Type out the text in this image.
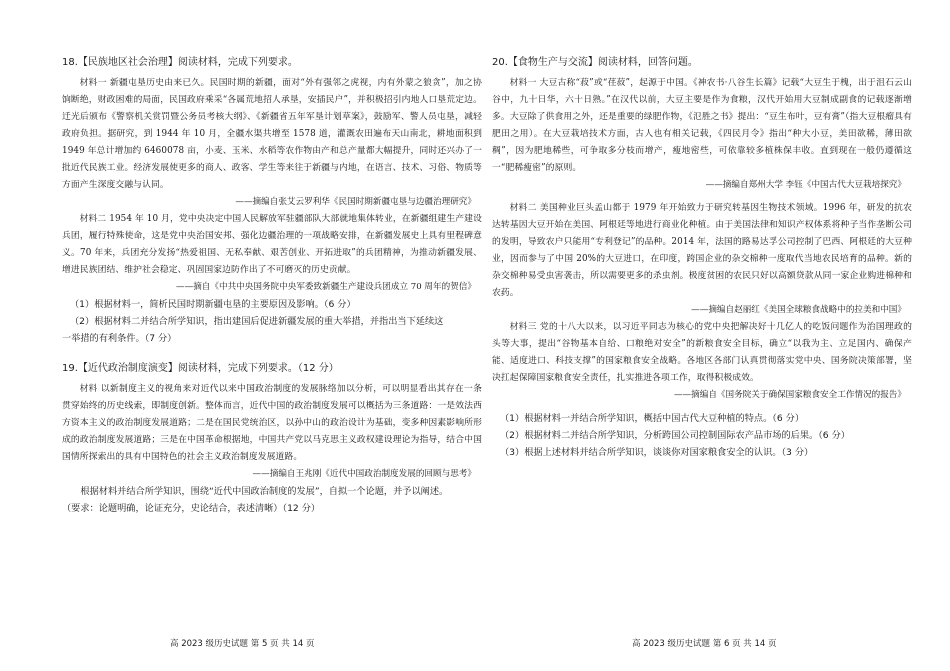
18.【民族地区社会治理】阅读材料，完成下列要求。

材料一 新疆屯垦历史由来已久。民国时期的新疆，面对“外有强邻之虎视，内有外蒙之狼贪”，加之协饷断绝，财政困难的局面，民国政府乘采“各属荒地招人承垦，安插民户”，并积极招引内地人口垦荒定边。迁光后颁布《警察机关赏罚暨公务员考核大纲》、《新疆省五年军垦计划草案》，鼓励军、警人员屯垦，减轻政府负担。据研究，到 1944 年 10 月，全疆水渠共增至 1578 道，灌溉农田遍布天山南北，耕地面积到 1949 年总计增加约 6460078 亩，小麦、玉米、水稻等农作物由产和总产量都大幅提升，同时还兴办了一批近代民族工业。经济发展使更多的商人、政客、学生等来往于新疆与内地，在语言、技术、习俗、物质等方面产生深度交融与认同。

——摘编自张艾云罗利华《民国时期新疆屯垦与边疆治理研究》

材料二 1954 年 10 月，党中央决定中国人民解放军驻疆部队大部就地集体转业，在新疆组建生产建设兵团，履行特殊使命，这是党中央治国安邦、强化边疆治理的一项战略安排，在新疆发展史上具有里程碑意义。70 年来，兵团充分发扬“热爱祖国、无私奉献、艰苦创业、开拓进取”的兵团精神，为推动新疆发展、增进民族团结、维护社会稳定、巩固国家边防作出了不可磨灭的历史贡献。

——摘自《中共中央国务院中央军委致新疆生产建设兵团成立 70 周年的贺信》

（1）根据材料一，简析民国时期新疆屯垦的主要原因及影响。（6 分）

（2）根据材料二并结合所学知识，指出建国后促进新疆发展的重大举措，并指出当下延续这

一举措的有利条件。（7 分）

19.【近代政治制度演变】阅读材料，完成下列要求。（12 分）

材料 以新制度主义的视角来对近代以来中国政治制度的发展脉络加以分析，可以明显看出其存在一条贯穿始终的历史线索，即制度创新。整体而言，近代中国的政治制度发展可以概括为三条道路：一是效法西方资本主义的政治制度发展道路；二是在国民党统治区，以孙中山的政治设计为基础，变多种因素影响所形成的政治制度发展道路；三是在中国革命根据地，中国共产党以马克思主义政权建设理论为指导，结合中国国情所探索出的具有中国特色的社会主义政治制度发展道路。

——摘编自王兆刚《近代中国政治制度发展的回顾与思考》

根据材料并结合所学知识，围绕“近代中国政治制度的发展”，自拟一个论题，并予以阐述。

（要求：论题明确，论证充分，史论结合，表述清晰）（12 分）

20.【食物生产与交流】阅读材料，回答问题。

材料一 大豆古称“菽”或“荏菽”，起源于中国。《神农书·八谷生长篇》记载“大豆生于槐，出于沮石云山谷中，九十日华，六十日熟。”在汉代以前，大豆主要是作为食粮，汉代开始用大豆制成副食的记载逐渐增多。大豆除了供食用之外，还是重要的绿肥作物，《氾胜之书》提出：“豆生布叶，豆有膏”（指大豆根瘤具有肥田之用）。在大豆栽培技术方面，古人也有相关记载，《四民月令》指出“种大小豆，美田欲稀，薄田欲稠”，因为肥地稀些，可争取多分枝而增产，瘦地密些，可依靠较多植株保丰收。直到现在一般仍遵循这一“肥稀瘦密”的原则。

——摘编自郑州大学 李钰《中国古代大豆栽培探究》

材料二 美国种业巨头孟山都于 1979 年开始致力于研究转基因生物技术领域。1996 年，研发的抗农达转基因大豆开始在美国、阿根廷等地进行商业化种植。由于美国法律和知识产权体系将种子当作垄断公司的发明，导致农户只能用“专利登记”的品种。2014 年，法国的路易达孚公司控制了巴西、阿根廷的大豆种业，因而参与了中国 20%的大豆进口，在印度，跨国企业的杂交棉种一度取代当地农民培育的品种。新的杂交棉种易受虫害袭击，所以需要更多的杀虫剂。极度贫困的农民只好以高额贷款从同一家企业购进棉种和农药。

——摘编自赵丽红《美国全球粮食战略中的拉美和中国》

材料三 党的十八大以来，以习近平同志为核心的党中央把解决好十几亿人的吃饭问题作为治国理政的头等大事，提出“谷物基本自给、口粮绝对安全”的新粮食安全目标，确立“以我为主、立足国内、确保产能、适度进口、科技支撑”的国家粮食安全战略。各地区各部门认真贯彻落实党中央、国务院决策部署，坚决扛起保障国家粮食安全责任，扎实推进各项工作，取得积极成效。

——摘编自《国务院关于确保国家粮食安全工作情况的报告》

（1）根据材料一并结合所学知识，概括中国古代大豆种植的特点。（6 分）

（2）根据材料二并结合所学知识，分析跨国公司控制国际农产品市场的后果。（6 分）

（3）根据上述材料并结合所学知识，谈谈你对国家粮食安全的认识。（3 分）

高 2023 级历史试题 第 5 页 共 14 页	高 2023 级历史试题 第 6 页 共 14 页
